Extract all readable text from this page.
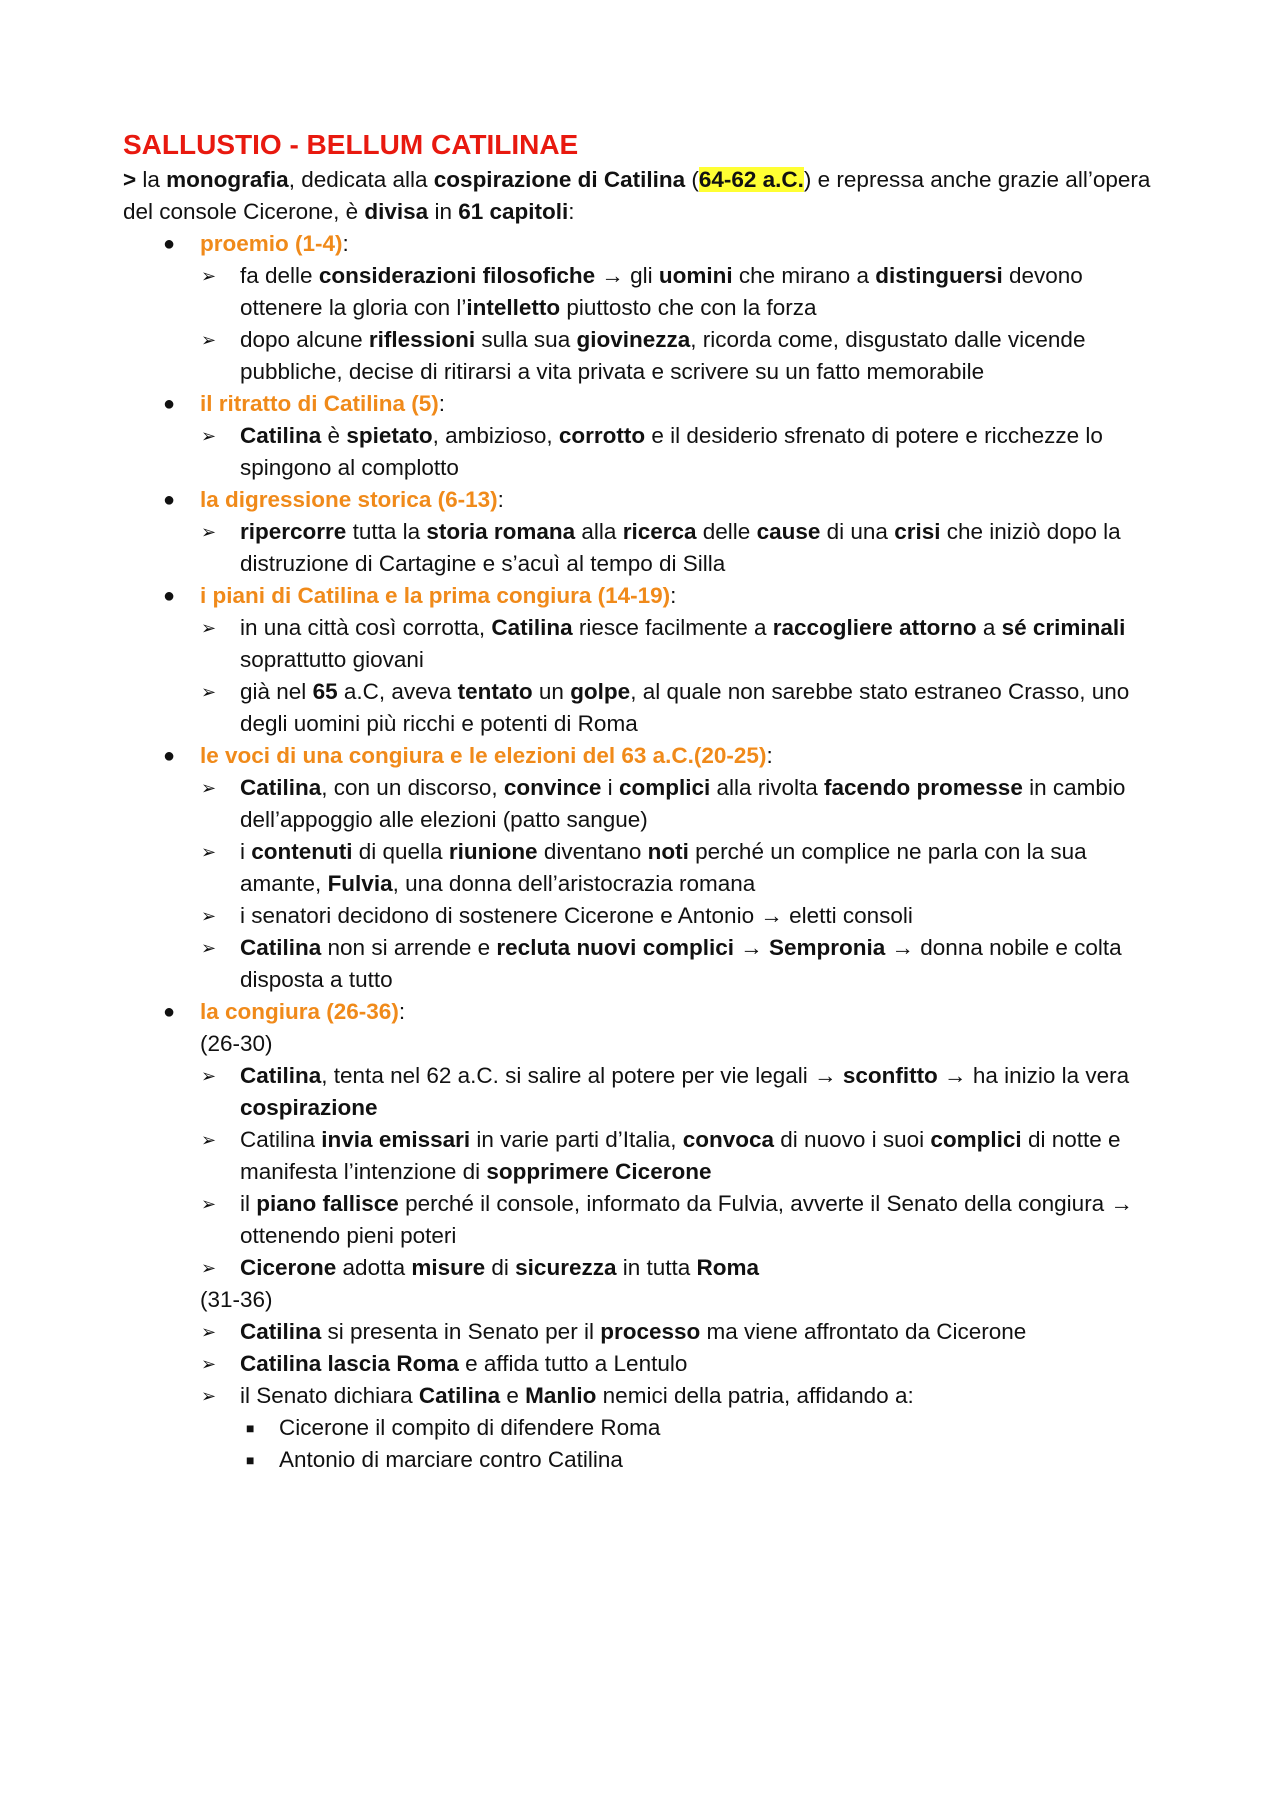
SALLUSTIO - BELLUM CATILINAE

> la monografia, dedicata alla cospirazione di Catilina (64-62 a.C.) e repressa anche grazie all’opera del console Cicerone, è divisa in 61 capitoli:

● proemio (1-4):
➢ fa delle considerazioni filosofiche → gli uomini che mirano a distinguersi devono ottenere la gloria con l’intelletto piuttosto che con la forza
➢ dopo alcune riflessioni sulla sua giovinezza, ricorda come, disgustato dalle vicende pubbliche, decise di ritirarsi a vita privata e scrivere su un fatto memorabile
● il ritratto di Catilina (5):
➢ Catilina è spietato, ambizioso, corrotto e il desiderio sfrenato di potere e ricchezze lo spingono al complotto
● la digressione storica (6-13):
➢ ripercorre tutta la storia romana alla ricerca delle cause di una crisi che iniziò dopo la distruzione di Cartagine e s’acuì al tempo di Silla
● i piani di Catilina e la prima congiura (14-19):
➢ in una città così corrotta, Catilina riesce facilmente a raccogliere attorno a sé criminali soprattutto giovani
➢ già nel 65 a.C, aveva tentato un golpe, al quale non sarebbe stato estraneo Crasso, uno degli uomini più ricchi e potenti di Roma
● le voci di una congiura e le elezioni del 63 a.C.(20-25):
➢ Catilina, con un discorso, convince i complici alla rivolta facendo promesse in cambio dell’appoggio alle elezioni (patto sangue)
➢ i contenuti di quella riunione diventano noti perché un complice ne parla con la sua amante, Fulvia, una donna dell’aristocrazia romana
➢ i senatori decidono di sostenere Cicerone e Antonio → eletti consoli
➢ Catilina non si arrende e recluta nuovi complici → Sempronia → donna nobile e colta disposta a tutto
● la congiura (26-36):
(26-30)
➢ Catilina, tenta nel 62 a.C. si salire al potere per vie legali → sconfitto → ha inizio la vera cospirazione
➢ Catilina invia emissari in varie parti d’Italia, convoca di nuovo i suoi complici di notte e manifesta l’intenzione di sopprimere Cicerone
➢ il piano fallisce perché il console, informato da Fulvia, avverte il Senato della congiura → ottenendo pieni poteri
➢ Cicerone adotta misure di sicurezza in tutta Roma
(31-36)
➢ Catilina si presenta in Senato per il processo ma viene affrontato da Cicerone
➢ Catilina lascia Roma e affida tutto a Lentulo
➢ il Senato dichiara Catilina e Manlio nemici della patria, affidando a:
■ Cicerone il compito di difendere Roma
■ Antonio di marciare contro Catilina
